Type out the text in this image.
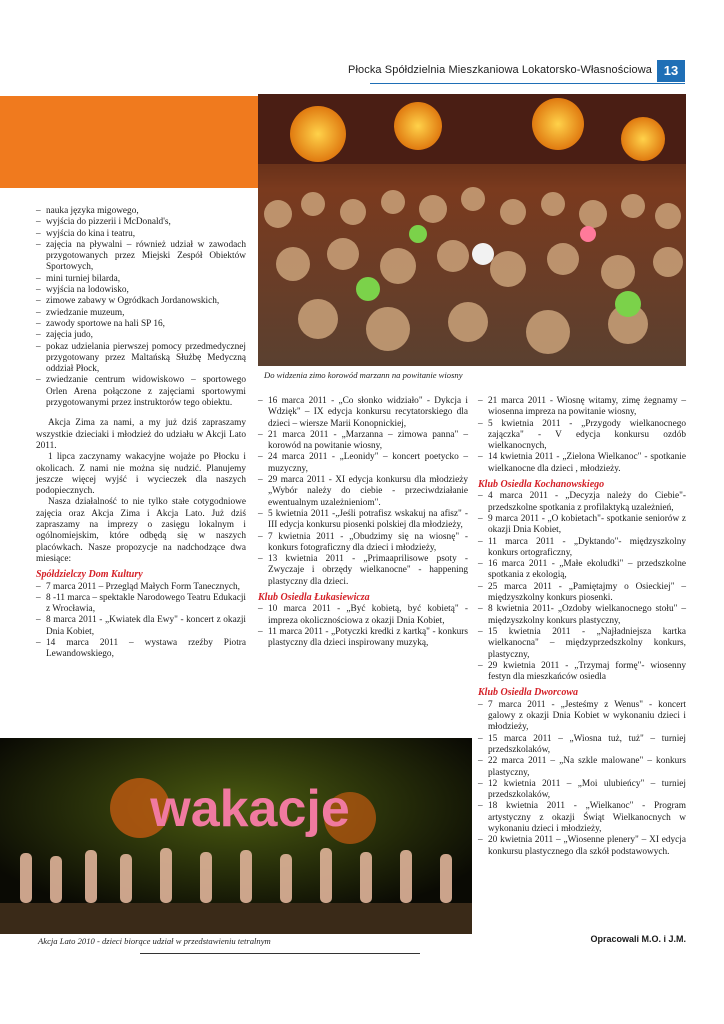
Płocka Spółdzielnia Mieszkaniowa Lokatorsko-Własnościowa 13
Do widzenia zimo korowód marzann na powitanie wiosny
wakacje
Akcja Lato 2010 - dzieci biorące udział w przedstawieniu tetralnym
– nauka języka migowego,
– wyjścia do pizzerii i McDonald's,
– wyjścia do kina i teatru,
– zajęcia na pływalni – również udział w zawodach przygotowanych przez Miejski Zespół Obiektów Sportowych,
– mini turniej bilarda,
– wyjścia na lodowisko,
– zimowe zabawy w Ogródkach Jordanowskich,
– zwiedzanie muzeum,
– zawody sportowe na hali SP 16,
– zajęcia judo,
– pokaz udzielania pierwszej pomocy przedmedycznej przygotowany przez Maltańską Służbę Medyczną oddział Płock,
– zwiedzanie centrum widowiskowo – sportowego Orlen Arena połączone z zajęciami sportowymi przygotowanymi przez instruktorów tego obiektu.

Akcja Zima za nami, a my już dziś zapraszamy wszystkie dzieciaki i młodzież do udziału w Akcji Lato 2011.

1 lipca zaczynamy wakacyjne wojaże po Płocku i okolicach. Z nami nie można się nudzić. Planujemy jeszcze więcej wyjść i wycieczek dla naszych podopiecznych.

Nasza działalność to nie tylko stałe cotygodniowe zajęcia oraz Akcja Zima i Akcja Lato. Już dziś zapraszamy na imprezy o zasięgu lokalnym i ogólnomiejskim, które odbędą się w naszych placówkach. Nasze propozycje na nadchodzące dwa miesiące:

Spółdzielczy Dom Kultury
– 7 marca 2011 – Przegląd Małych Form Tanecznych,
– 8 -11 marca – spektakle Narodowego Teatru Edukacji z Wrocławia,
– 8 marca 2011 - „Kwiatek dla Ewy" - koncert z okazji Dnia Kobiet,
– 14 marca 2011 – wystawa rzeźby Piotra Lewandowskiego,
– 16 marca 2011 - „Co słonko widziało" - Dykcja i Wdzięk" – IX edycja konkursu recytatorskiego dla dzieci – wiersze Marii Konopnickiej,
– 21 marca 2011 - „Marzanna – zimowa panna" – korowód na powitanie wiosny,
– 24 marca 2011 - „Leonidy" – koncert poetycko – muzyczny,
– 29 marca 2011 - XI edycja konkursu dla młodzieży „Wybór należy do ciebie - przeciwdziałanie ewentualnym uzależnieniom".
– 5 kwietnia 2011 -„Jeśli potrafisz wskakuj na afisz" - III edycja konkursu piosenki polskiej dla młodzieży,
– 7 kwietnia 2011 - „Obudzimy się na wiosnę" - konkurs fotograficzny dla dzieci i młodzieży,
– 13 kwietnia 2011 - „Primaaprilisowe psoty - Zwyczaje i obrzędy wielkanocne" - happening plastyczny dla dzieci.
Klub Osiedla Łukasiewicza
– 10 marca 2011 - „Być kobietą, być kobietą" - impreza okolicznościowa z okazji Dnia Kobiet,
– 11 marca 2011 - „Potyczki kredki z kartką" - konkurs plastyczny dla dzieci inspirowany muzyką,
– 21 marca 2011 - Wiosnę witamy, zimę żegnamy – wiosenna impreza na powitanie wiosny,
– 5 kwietnia 2011 - „Przygody wielkanocnego zajączka" - V edycja konkursu ozdób wielkanocnych,
– 14 kwietnia 2011 - „Zielona Wielkanoc" - spotkanie wielkanocne dla dzieci , młodzieży.
Klub Osiedla Kochanowskiego
– 4 marca 2011 - „Decyzja należy do Ciebie"- przedszkolne spotkania z profilaktyką uzależnień,
– 9 marca 2011 - „O kobietach"- spotkanie seniorów z okazji Dnia Kobiet,
– 11 marca 2011 - „Dyktando"- międzyszkolny konkurs ortograficzny,
– 16 marca 2011 - „Małe ekoludki" – przedszkolne spotkania z ekologią,
– 25 marca 2011 - „Pamiętajmy o Osieckiej" – międzyszkolny konkurs piosenki.
– 8 kwietnia 2011- „Ozdoby wielkanocnego stołu" – międzyszkolny konkurs plastyczny,
– 15 kwietnia 2011 - „Najładniejsza kartka wielkanocna" – międzyprzedszkolny konkurs, plastyczny,
– 29 kwietnia 2011 - „Trzymaj formę"- wiosenny festyn dla mieszkańców osiedla
Klub Osiedla Dworcowa
– 7 marca 2011 - „Jesteśmy z Wenus" - koncert galowy z okazji Dnia Kobiet w wykonaniu dzieci i młodzieży,
– 15 marca 2011 – „Wiosna tuż, tuż" – turniej przedszkolaków,
– 22 marca 2011 – „Na szkle malowane" – konkurs plastyczny,
– 12 kwietnia 2011 – „Moi ulubieńcy" – turniej przedszkolaków,
– 18 kwietnia 2011 - „Wielkanoc" - Program artystyczny z okazji Świąt Wielkanocnych w wykonaniu dzieci i młodzieży,
– 20 kwietnia 2011 – „Wiosenne plenery" – XI edycja konkursu plastycznego dla szkół podstawowych.
Opracowali M.O. i J.M.
